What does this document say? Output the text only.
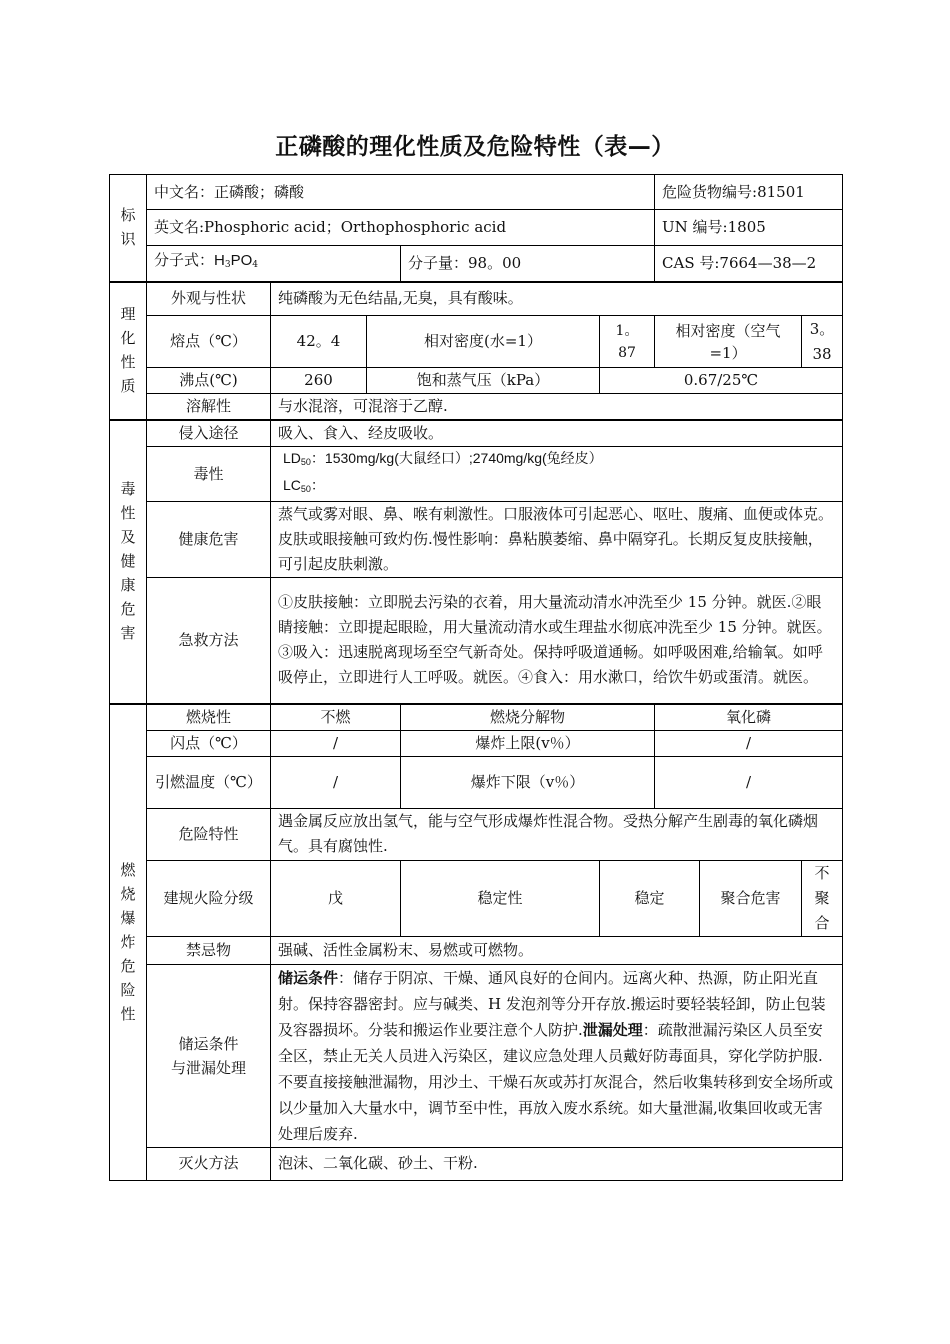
正磷酸的理化性质及危险特性（表—）
标识	中文名：正磷酸；磷酸					危险货物编号:81501		
	英文名:Phosphoric acid；Orthophosphoric acid					UN 编号:1805		
	分子式：$H_3PO_4$			分子量：98。00		CAS 号:7664—38—2		
理化性质	外观与性状	纯磷酸为无色结晶,无臭，具有酸味。						
	熔点（℃）	42。4	相对密度(水=1）		1。87	相对密度（空气=1）		3。38
	沸点(℃)	260	饱和蒸气压（kPa）		0.67/25℃			
	溶解性	与水混溶，可混溶于乙醇.						
毒性及健康危害	侵入途径	吸入、食入、经皮吸收。						
	毒性	$LD_{50}$：1530mg/kg(大鼠经口）;2740mg/kg(兔经皮）
$LC_{50}$：						

	健康危害	蒸气或雾对眼、鼻、喉有刺激性。口服液体可引起恶心、呕吐、腹痛、血便或体克。皮肤或眼接触可致灼伤.慢性影响：鼻粘膜萎缩、鼻中隔穿孔。长期反复皮肤接触，可引起皮肤刺激。						
	急救方法	①皮肤接触：立即脱去污染的衣着，用大量流动清水冲洗至少 15 分钟。就医.②眼睛接触：立即提起眼睑，用大量流动清水或生理盐水彻底冲洗至少 15 分钟。就医。③吸入：迅速脱离现场至空气新奇处。保持呼吸道通畅。如呼吸困难,给输氧。如呼吸停止，立即进行人工呼吸。就医。④食入：用水漱口，给饮牛奶或蛋清。就医。						
燃烧爆炸危险性	燃烧性	不燃		燃烧分解物		氧化磷		
	闪点（℃）	/		爆炸上限(v％）		/		
	引燃温度（℃）	/		爆炸下限（v％）		/		
	危险特性	遇金属反应放出氢气，能与空气形成爆炸性混合物。受热分解产生剧毒的氧化磷烟气。具有腐蚀性.						
	建规火险分级	戊		稳定性	稳定		聚合危害	不聚合
	禁忌物	强碱、活性金属粉末、易燃或可燃物。						

	储运条件
与泄漏处理	储运条件：储存于阴凉、干燥、通风良好的仓间内。远离火种、热源，防止阳光直射。保持容器密封。应与碱类、H 发泡剂等分开存放.搬运时要轻装轻卸，防止包装及容器损坏。分装和搬运作业要注意个人防护.泄漏处理：疏散泄漏污染区人员至安全区，禁止无关人员进入污染区，建议应急处理人员戴好防毒面具，穿化学防护服.不要直接接触泄漏物，用沙土、干燥石灰或苏打灰混合，然后收集转移到安全场所或以少量加入大量水中，调节至中性，再放入废水系统。如大量泄漏,收集回收或无害处理后废弃.						
	灭火方法	泡沫、二氧化碳、砂土、干粉.						
